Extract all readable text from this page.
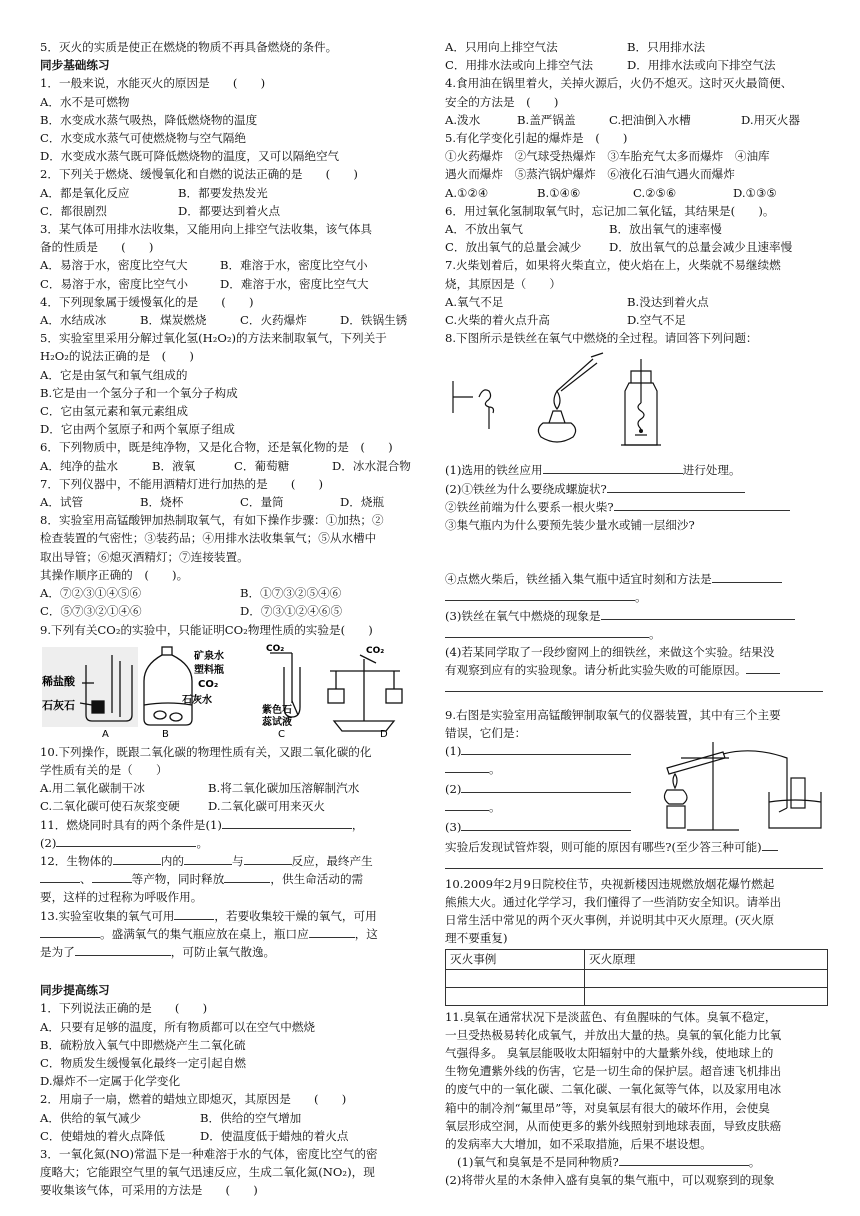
5．灭火的实质是使正在燃烧的物质不再具备燃烧的条件。
同步基础练习
1．一般来说，水能灭火的原因是　　(　　)
A．水不是可燃物
B．水变成水蒸气吸热，降低燃烧物的温度
C．水变成水蒸气可使燃烧物与空气隔绝
D．水变成水蒸气既可降低燃烧物的温度，又可以隔绝空气
2．下列关于燃烧、缓慢氧化和自燃的说法正确的是　　(　　)
A．都是氧化反应	B．都要发热发光
C．都很剧烈	D．都要达到着火点
3．某气体可用排水法收集，又能用向上排空气法收集，该气体具
备的性质是　　(　　)
A．易溶于水，密度比空气大	B．难溶于水，密度比空气小
C．易溶于水，密度比空气小	D．难溶于水，密度比空气大
4．下列现象属于缓慢氧化的是　　(　　)
A．水结成冰	B．煤炭燃烧	C．火药爆炸	D．铁锅生锈
5．实验室里采用分解过氧化氢(H₂O₂)的方法来制取氧气，下列关于
H₂O₂的说法正确的是　(　　)
A．它是由氢气和氧气组成的
B.它是由一个氢分子和一个氧分子构成
C．它由氢元素和氧元素组成
D．它由两个氢原子和两个氧原子组成
6．下列物质中，既是纯净物，又是化合物，还是氧化物的是　(　　)
A．纯净的盐水	B．液氧	C．葡萄糖	D．冰水混合物
7．下列仪器中，不能用酒精灯进行加热的是　　(　　)
A．试管	B．烧杯	C．量筒	D．烧瓶
8．实验室用高锰酸钾加热制取氧气，有如下操作步骤：①加热；②
检查装置的气密性；③装药品；④用排水法收集氧气；⑤从水槽中
取出导管；⑥熄灭酒精灯；⑦连接装置。
其操作顺序正确的　(　　)。
A．⑦②③①④⑤⑥	B．①⑦③②⑤④⑥
C．⑤⑦③②①④⑥	D．⑦③①②④⑥⑤
9.下列有关CO₂的实验中，只能证明CO₂物理性质的实验是(　　)
稀盐酸
石灰石
A
矿泉水
塑料瓶
CO₂
石灰水
B
CO₂
紫色石
蕊试液
C
CO₂
D
10.下列操作，既跟二氧化碳的物理性质有关，又跟二氧化碳的化
学性质有关的是（　　）
A.用二氧化碳制干冰	B.将二氧化碳加压溶解制汽水
C.二氧化碳可使石灰浆变硬	D.二氧化碳可用来灭火
11．燃烧同时具有的两个条件是(1)	，
(2)	。
12．生物体的	内的	与	反应，最终产生
、	等产物，同时释放	，供生命活动的需
要，这样的过程称为呼吸作用。
13.实验室收集的氧气可用	，若要收集较干燥的氧气，可用
。盛满氧气的集气瓶应放在桌上，瓶口应	，这
是为了	，可防止氧气散逸。
同步提高练习
1．下列说法正确的是　　(　　)
A．只要有足够的温度，所有物质都可以在空气中燃烧
B．硫粉放入氧气中即燃烧产生二氧化硫
C．物质发生缓慢氧化最终一定引起自燃
D.爆炸不一定属于化学变化
2．用扇子一扇，燃着的蜡烛立即熄灭，其原因是　　(　　)
A．供给的氧气减少	B．供给的空气增加
C．使蜡烛的着火点降低	D．使温度低于蜡烛的着火点
3．一氧化氮(NO)常温下是一种难溶于水的气体，密度比空气的密
度略大；它能跟空气里的氧气迅速反应，生成二氧化氮(NO₂)，现
要收集该气体，可采用的方法是　　(　　)
A．只用向上排空气法	B．只用排水法
C．用排水法或向上排空气法	D．用排水法或向下排空气法
4.食用油在锅里着火，关掉火源后，火仍不熄灭。这时灭火最简便、
安全的方法是　(　　)
A.泼水	B.盖严锅盖	C.把油倒入水槽	D.用灭火器
5.有化学变化引起的爆炸是　(　　)
①火药爆炸　②气球受热爆炸　③车胎充气太多而爆炸　④油库
遇火而爆炸　⑤蒸汽锅炉爆炸　⑥液化石油气遇火而爆炸
A.①②④	B.①④⑥	C.②⑤⑥	D.①③⑤
6．用过氧化氢制取氧气时，忘记加二氧化锰，其结果是(　　)。
A．不放出氧气	B．放出氧气的速率慢
C．放出氧气的总量会减少	D．放出氧气的总量会减少且速率慢
7.火柴划着后，如果将火柴直立，使火焰在上，火柴就不易继续燃
烧，其原因是（　　）
A.氧气不足	B.没达到着火点
C.火柴的着火点升高	D.空气不足
8.下图所示是铁丝在氧气中燃烧的全过程。请回答下列问题：
(1)选用的铁丝应用	进行处理。
(2)①铁丝为什么要绕成螺旋状?
②铁丝前端为什么要系一根火柴?
③集气瓶内为什么要预先装少量水或铺一层细沙?
④点燃火柴后，铁丝插入集气瓶中适宜时刻和方法是
。
(3)铁丝在氧气中燃烧的现象是
。
(4)若某同学取了一段纱窗网上的细铁丝，来做这个实验。结果没
有观察到应有的实验现象。请分析此实验失败的可能原因。
9.右图是实验室用高锰酸钾制取氧气的仪器装置，其中有三个主要
错误，它们是：
(1)
。
(2)
。
(3)
实验后发现试管炸裂，则可能的原因有哪些?(至少答三种可能)
10.2009年2月9日院校住节，央视新楼因违规燃放烟花爆竹燃起
熊熊大火。通过化学学习，我们懂得了一些消防安全知识。请举出
日常生活中常见的两个灭火事例，并说明其中灭火原理。(灭火原
理不要重复)
灭火事例	灭火原理

11.臭氧在通常状况下是淡蓝色、有鱼腥味的气体。臭氧不稳定，
一旦受热极易转化成氧气，并放出大量的热。臭氧的氧化能力比氧
气强得多。 臭氧层能吸收太阳辐射中的大量紫外线，使地球上的
生物免遭紫外线的伤害，它是一切生命的保护层。超音速飞机排出
的废气中的一氧化碳、二氧化碳、一氧化氮等气体，以及家用电冰
箱中的制冷剂“氟里昂”等，对臭氧层有很大的破坏作用，会使臭
氧层形成空洞，从而使更多的紫外线照射到地球表面，导致皮肤癌
的发病率大大增加，如不采取措施，后果不堪设想。
(1)氧气和臭氧是不是同种物质?	。
(2)将带火星的木条伸入盛有臭氧的集气瓶中，可以观察到的现象
